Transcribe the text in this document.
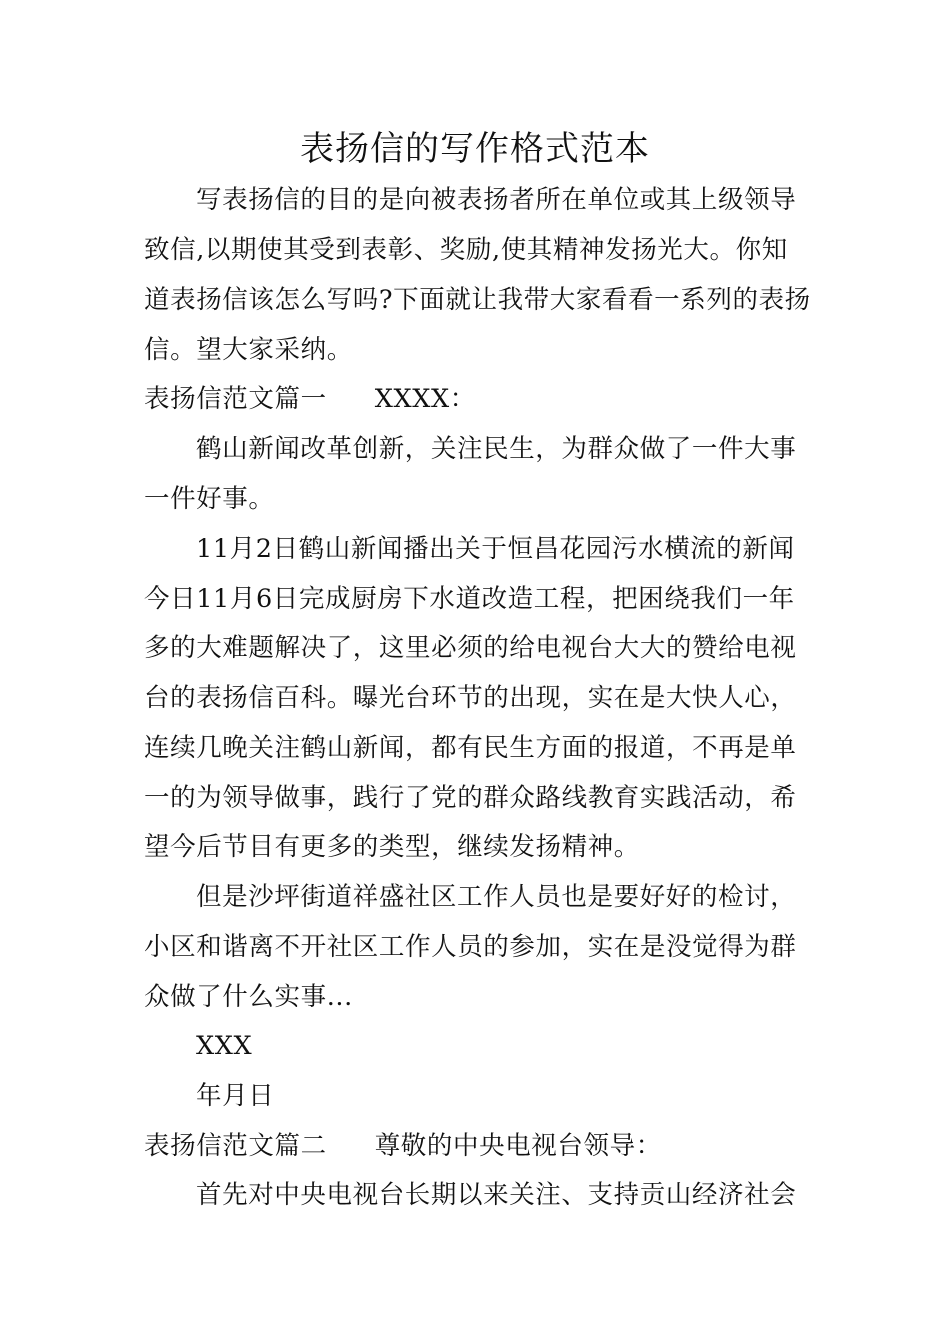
表扬信的写作格式范本
写表扬信的目的是向被表扬者所在单位或其上级领导
致信,以期使其受到表彰、奖励,使其精神发扬光大。你知
道表扬信该怎么写吗?下面就让我带大家看看一系列的表扬
信。望大家采纳。
表扬信范文篇一 XXXX：
鹤山新闻改革创新，关注民生，为群众做了一件大事
一件好事。
11月2日鹤山新闻播出关于恒昌花园污水横流的新闻
今日11月6日完成厨房下水道改造工程，把困绕我们一年
多的大难题解决了，这里必须的给电视台大大的赞给电视
台的表扬信百科。曝光台环节的出现，实在是大快人心，
连续几晚关注鹤山新闻，都有民生方面的报道，不再是单
一的为领导做事，践行了党的群众路线教育实践活动，希
望今后节目有更多的类型，继续发扬精神。
但是沙坪街道祥盛社区工作人员也是要好好的检讨，
小区和谐离不开社区工作人员的参加，实在是没觉得为群
众做了什么实事...
XXX
年月日
表扬信范文篇二 尊敬的中央电视台领导：
首先对中央电视台长期以来关注、支持贡山经济社会
